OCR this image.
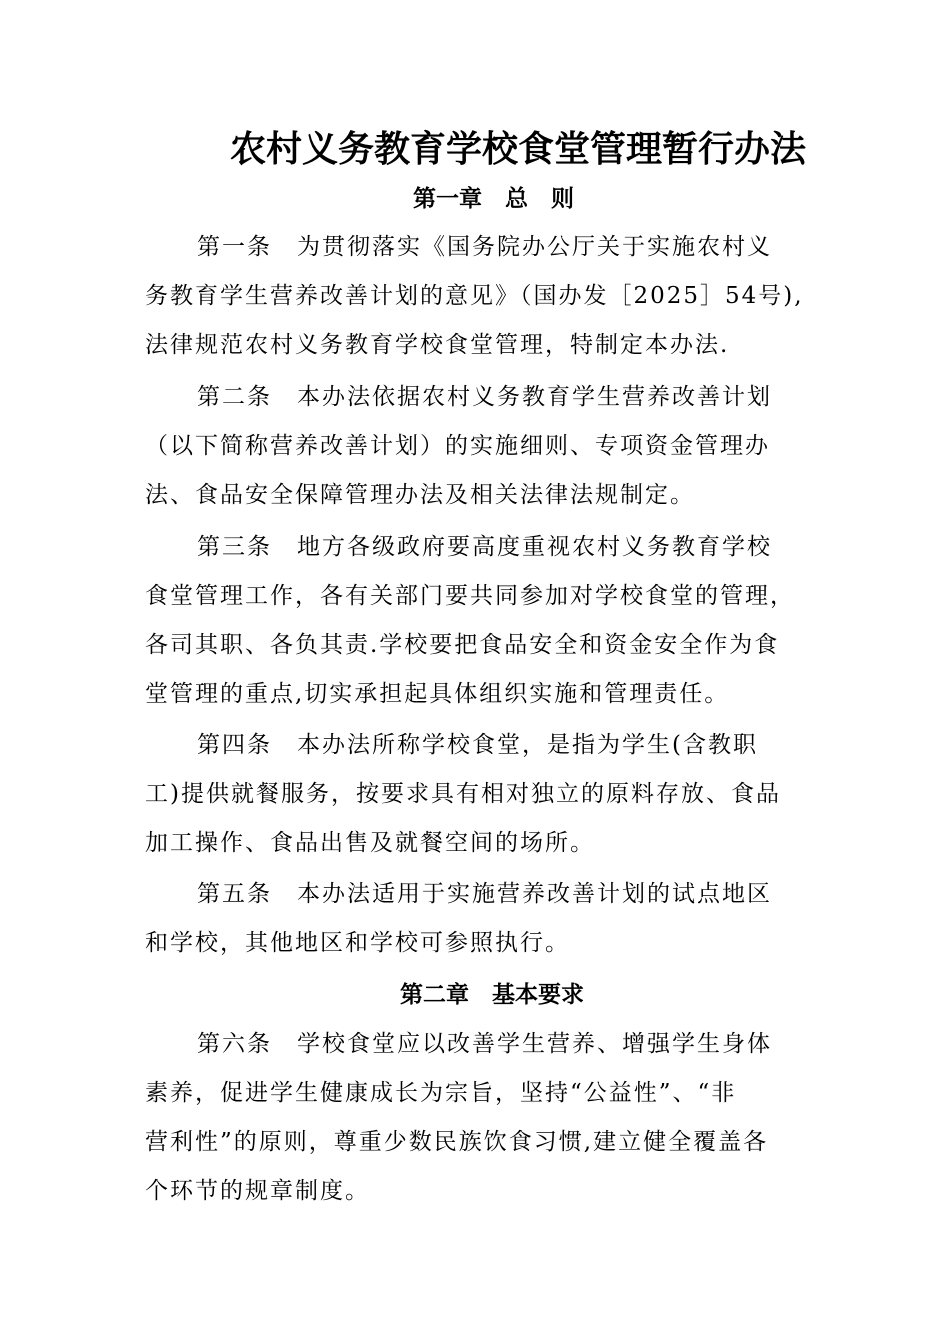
农村义务教育学校食堂管理暂行办法
第一章　总　则
第一条　为贯彻落实《国务院办公厅关于实施农村义
务教育学生营养改善计划的意见》（国办发［2025］54号),
法律规范农村义务教育学校食堂管理，特制定本办法.
第二条　本办法依据农村义务教育学生营养改善计划
（以下简称营养改善计划）的实施细则、专项资金管理办
法、食品安全保障管理办法及相关法律法规制定。
第三条　地方各级政府要高度重视农村义务教育学校
食堂管理工作，各有关部门要共同参加对学校食堂的管理，
各司其职、各负其责.学校要把食品安全和资金安全作为食
堂管理的重点,切实承担起具体组织实施和管理责任。
第四条　本办法所称学校食堂，是指为学生(含教职
工)提供就餐服务，按要求具有相对独立的原料存放、食品
加工操作、食品出售及就餐空间的场所。
第五条　本办法适用于实施营养改善计划的试点地区
和学校，其他地区和学校可参照执行。
第二章　基本要求
第六条　学校食堂应以改善学生营养、增强学生身体
素养，促进学生健康成长为宗旨，坚持“公益性”、“非
营利性”的原则，尊重少数民族饮食习惯,建立健全覆盖各
个环节的规章制度。
